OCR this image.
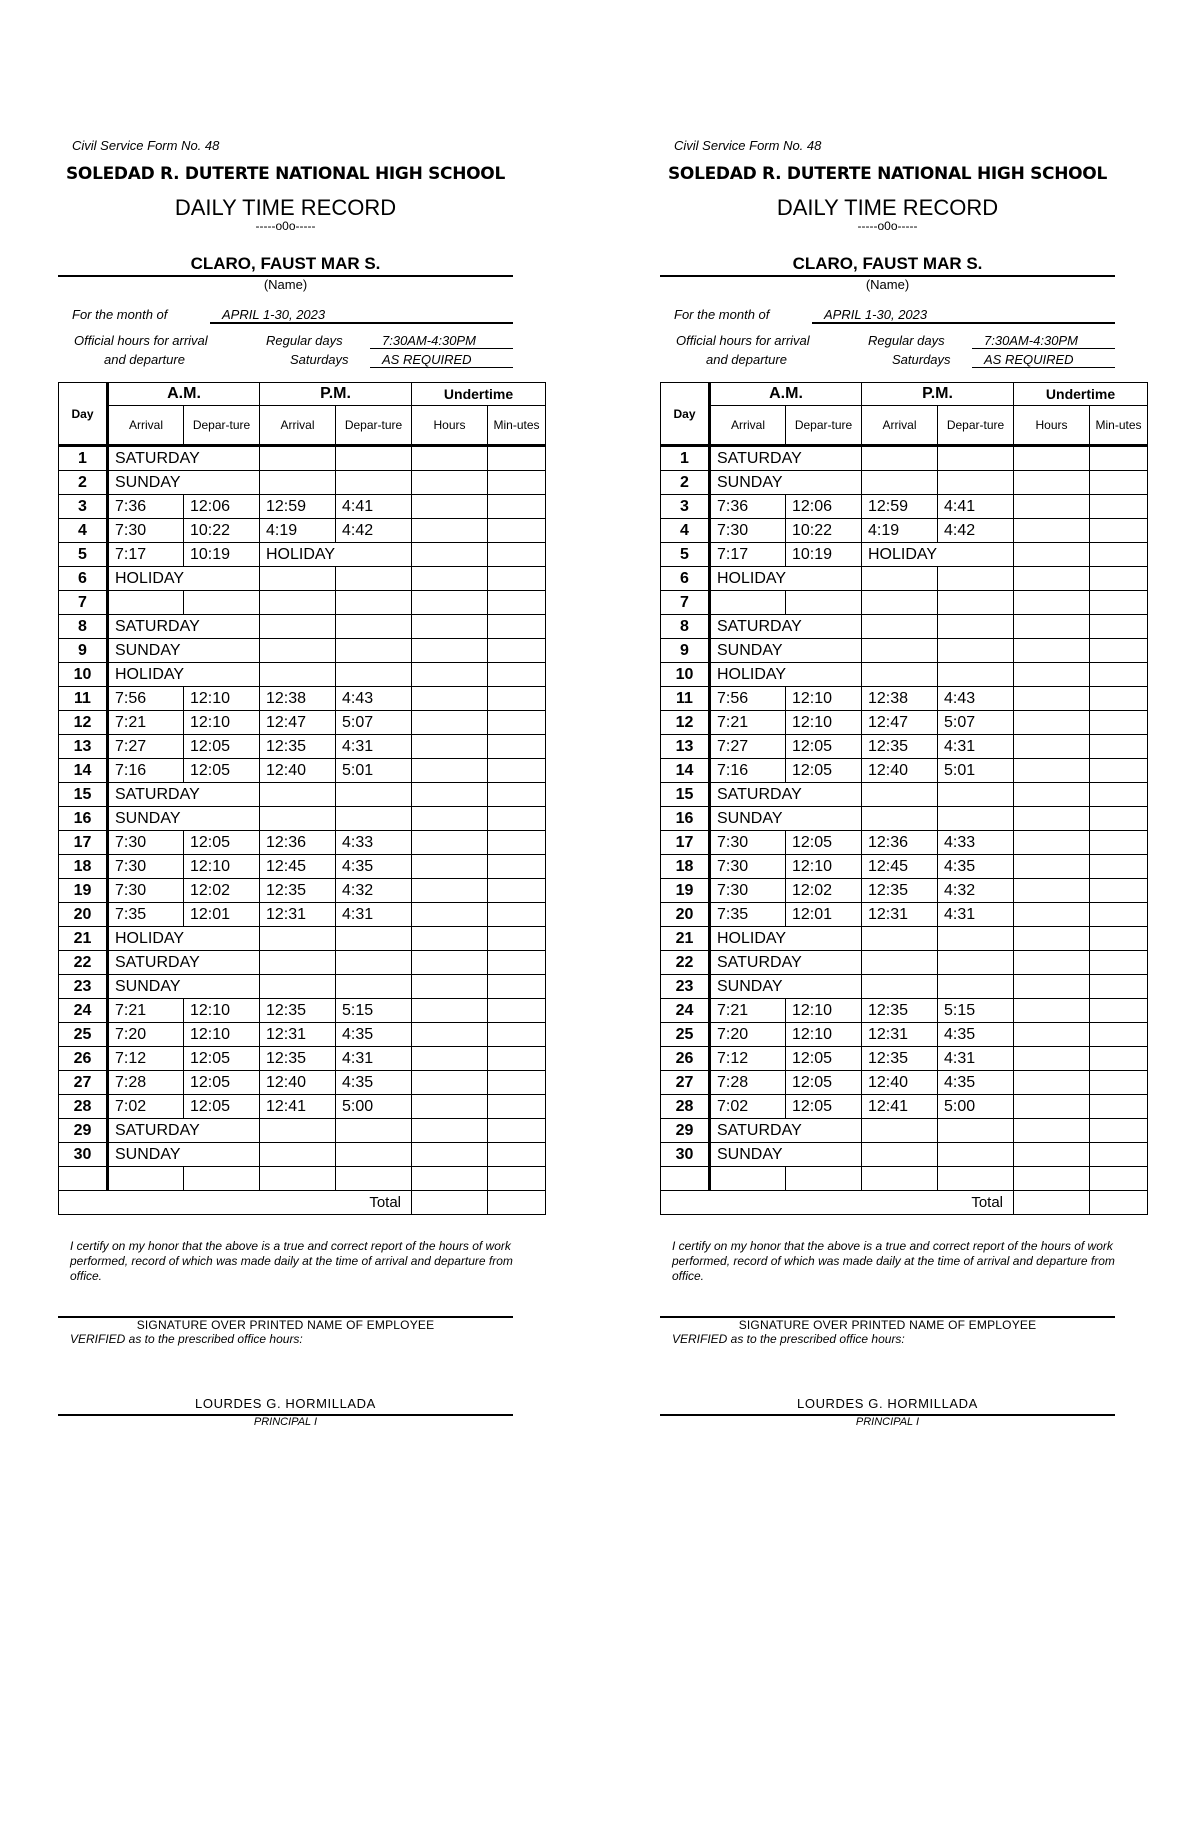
Civil Service Form No. 48
SOLEDAD R. DUTERTE NATIONAL HIGH SCHOOL
DAILY TIME RECORD
-----o0o-----
CLARO, FAUST MAR S.
(Name)
For the month of	APRIL 1-30, 2023
Official hours for arrival
and departure
Regular days
Saturdays
7:30AM-4:30PM
AS REQUIRED
Day	A.M.		P.M.		Undertime	
	Arrival	Depar-ture	Arrival	Depar-ture	Hours	Min-utes
1	SATURDAY					
2	SUNDAY					
3	7:36	12:06	12:59	4:41		
4	7:30	10:22	4:19	4:42		
5	7:17	10:19	HOLIDAY			
6	HOLIDAY					
7						
8	SATURDAY					
9	SUNDAY					
10	HOLIDAY					
11	7:56	12:10	12:38	4:43		
12	7:21	12:10	12:47	5:07		
13	7:27	12:05	12:35	4:31		
14	7:16	12:05	12:40	5:01		
15	SATURDAY					
16	SUNDAY					
17	7:30	12:05	12:36	4:33		
18	7:30	12:10	12:45	4:35		
19	7:30	12:02	12:35	4:32		
20	7:35	12:01	12:31	4:31		
21	HOLIDAY					
22	SATURDAY					
23	SUNDAY					
24	7:21	12:10	12:35	5:15		
25	7:20	12:10	12:31	4:35		
26	7:12	12:05	12:35	4:31		
27	7:28	12:05	12:40	4:35		
28	7:02	12:05	12:41	5:00		
29	SATURDAY					
30	SUNDAY					

Total						
I certify on my honor that the above is a true and correct report of the hours of work performed, record of which was made daily at the time of arrival and departure from office.
SIGNATURE OVER PRINTED NAME OF EMPLOYEE
VERIFIED as to the prescribed office hours:
LOURDES G. HORMILLADA
PRINCIPAL I
Civil Service Form No. 48
SOLEDAD R. DUTERTE NATIONAL HIGH SCHOOL
DAILY TIME RECORD
-----o0o-----
CLARO, FAUST MAR S.
(Name)
For the month of	APRIL 1-30, 2023
Official hours for arrival
and departure
Regular days
Saturdays
7:30AM-4:30PM
AS REQUIRED
Day	A.M.		P.M.		Undertime	
	Arrival	Depar-ture	Arrival	Depar-ture	Hours	Min-utes
1	SATURDAY					
2	SUNDAY					
3	7:36	12:06	12:59	4:41		
4	7:30	10:22	4:19	4:42		
5	7:17	10:19	HOLIDAY			
6	HOLIDAY					
7						
8	SATURDAY					
9	SUNDAY					
10	HOLIDAY					
11	7:56	12:10	12:38	4:43		
12	7:21	12:10	12:47	5:07		
13	7:27	12:05	12:35	4:31		
14	7:16	12:05	12:40	5:01		
15	SATURDAY					
16	SUNDAY					
17	7:30	12:05	12:36	4:33		
18	7:30	12:10	12:45	4:35		
19	7:30	12:02	12:35	4:32		
20	7:35	12:01	12:31	4:31		
21	HOLIDAY					
22	SATURDAY					
23	SUNDAY					
24	7:21	12:10	12:35	5:15		
25	7:20	12:10	12:31	4:35		
26	7:12	12:05	12:35	4:31		
27	7:28	12:05	12:40	4:35		
28	7:02	12:05	12:41	5:00		
29	SATURDAY					
30	SUNDAY					

Total						
I certify on my honor that the above is a true and correct report of the hours of work performed, record of which was made daily at the time of arrival and departure from office.
SIGNATURE OVER PRINTED NAME OF EMPLOYEE
VERIFIED as to the prescribed office hours:
LOURDES G. HORMILLADA
PRINCIPAL I
